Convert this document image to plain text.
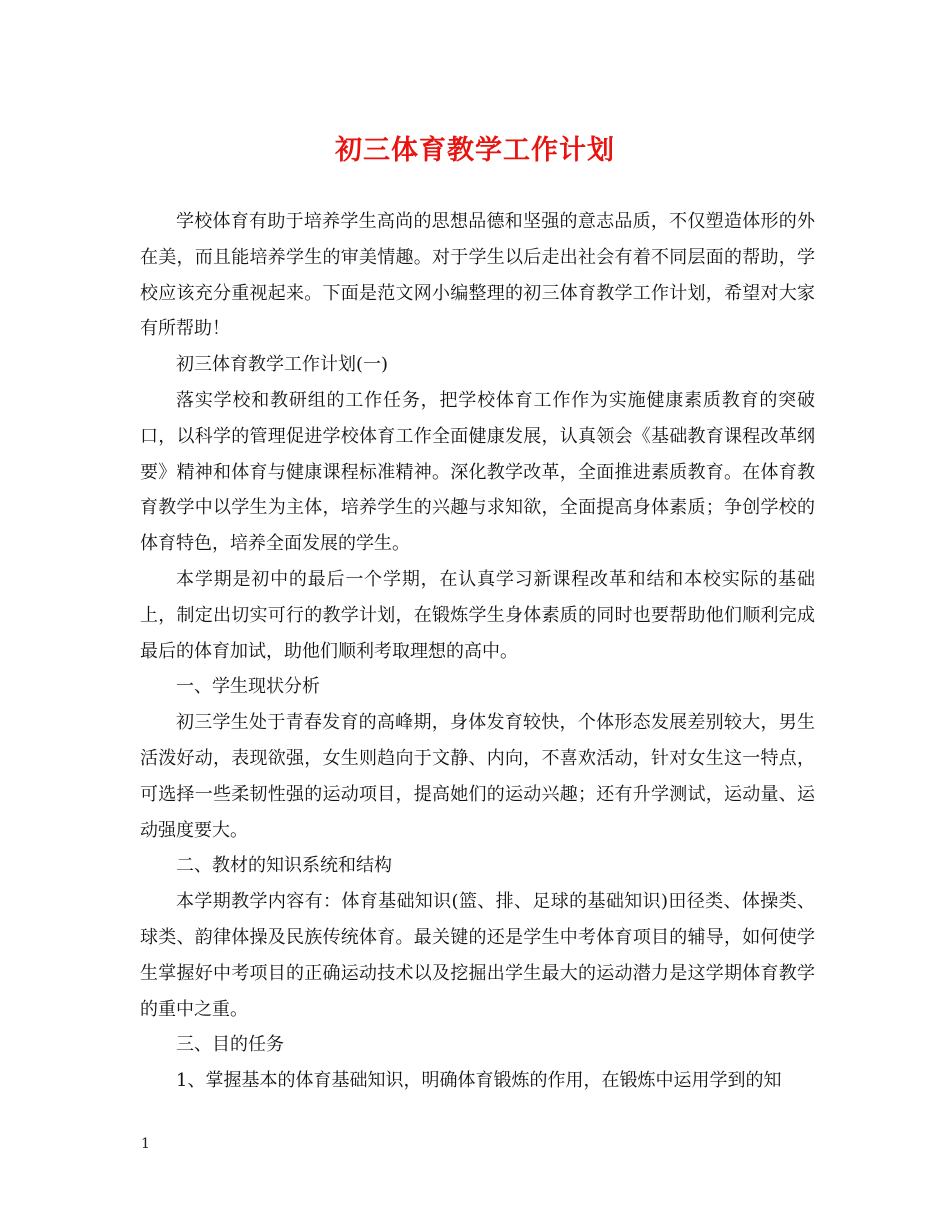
初三体育教学工作计划

学校体育有助于培养学生高尚的思想品德和坚强的意志品质，不仅塑造体形的外在美，而且能培养学生的审美情趣。对于学生以后走出社会有着不同层面的帮助，学校应该充分重视起来。下面是范文网小编整理的初三体育教学工作计划，希望对大家有所帮助！

初三体育教学工作计划(一)

落实学校和教研组的工作任务，把学校体育工作作为实施健康素质教育的突破口，以科学的管理促进学校体育工作全面健康发展，认真领会《基础教育课程改革纲要》精神和体育与健康课程标准精神。深化教学改革，全面推进素质教育。在体育教育教学中以学生为主体，培养学生的兴趣与求知欲，全面提高身体素质；争创学校的体育特色，培养全面发展的学生。

本学期是初中的最后一个学期，在认真学习新课程改革和结和本校实际的基础上，制定出切实可行的教学计划，在锻炼学生身体素质的同时也要帮助他们顺利完成最后的体育加试，助他们顺利考取理想的高中。

一、学生现状分析

初三学生处于青春发育的高峰期，身体发育较快，个体形态发展差别较大，男生活泼好动，表现欲强，女生则趋向于文静、内向，不喜欢活动，针对女生这一特点，可选择一些柔韧性强的运动项目，提高她们的运动兴趣；还有升学测试，运动量、运动强度要大。

二、教材的知识系统和结构

本学期教学内容有：体育基础知识(篮、排、足球的基础知识)田径类、体操类、球类、韵律体操及民族传统体育。最关键的还是学生中考体育项目的辅导，如何使学生掌握好中考项目的正确运动技术以及挖掘出学生最大的运动潜力是这学期体育教学的重中之重。

三、目的任务

1、掌握基本的体育基础知识，明确体育锻炼的作用，在锻炼中运用学到的知

1
